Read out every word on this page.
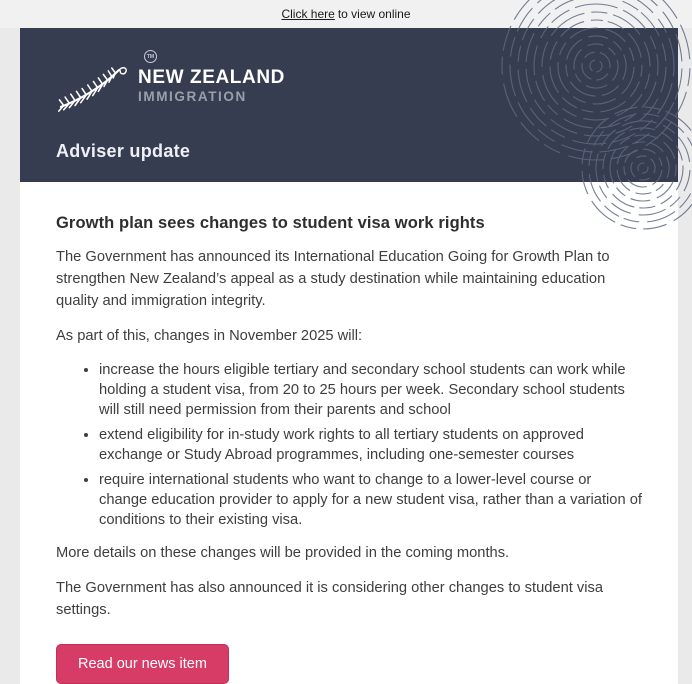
Click here to view online
TM
NEW ZEALAND
IMMIGRATION
Adviser update
Growth plan sees changes to student visa work rights

The Government has announced its International Education Going for Growth Plan to strengthen New Zealand’s appeal as a study destination while maintaining education quality and immigration integrity.

As part of this, changes in November 2025 will:

• increase the hours eligible tertiary and secondary school students can work while holding a student visa, from 20 to 25 hours per week. Secondary school students will still need permission from their parents and school
• extend eligibility for in-study work rights to all tertiary students on approved exchange or Study Abroad programmes, including one-semester courses
• require international students who want to change to a lower-level course or change education provider to apply for a new student visa, rather than a variation of conditions to their existing visa.

More details on these changes will be provided in the coming months.

The Government has also announced it is considering other changes to student visa settings.

Read our news item
